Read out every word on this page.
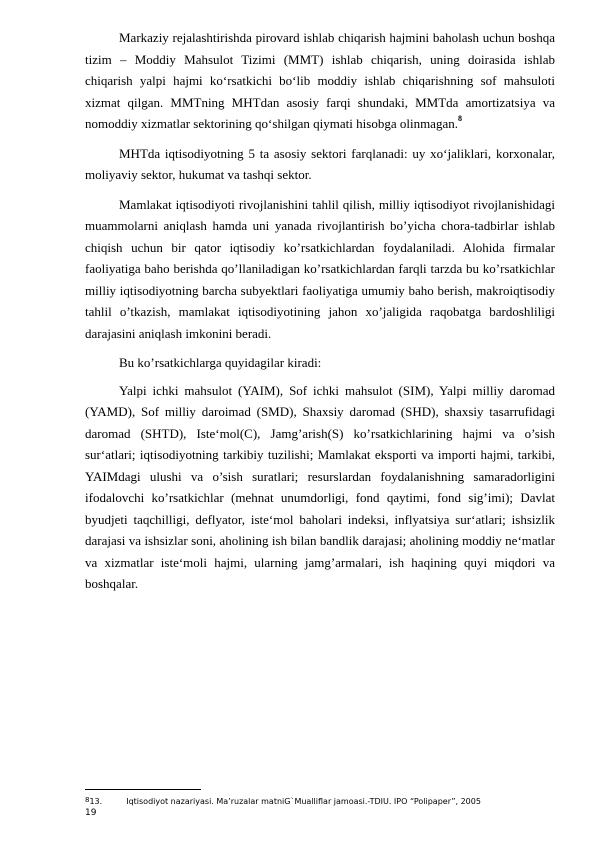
Markaziy rejalashtirishda pirovard ishlab chiqarish hajmini baholash uchun boshqa tizim – Moddiy Mahsulot Tizimi (MMT) ishlab chiqarish, uning doirasida ishlab chiqarish yalpi hajmi ko‘rsatkichi bo‘lib moddiy ishlab chiqarishning sof mahsuloti xizmat qilgan. MMTning MHTdan asosiy farqi shundaki, MMTda amortizatsiya va nomoddiy xizmatlar sektorining qo‘shilgan qiymati hisobga olinmagan.$^8$

MHTda iqtisodiyotning 5 ta asosiy sektori farqlanadi: uy xo‘jaliklari, korxonalar, moliyaviy sektor, hukumat va tashqi sektor.

Mamlakat iqtisodiyoti rivojlanishini tahlil qilish, milliy iqtisodiyot rivojlanishidagi muammolarni aniqlash hamda uni yanada rivojlantirish bo’yicha chora-tadbirlar ishlab chiqish uchun bir qator iqtisodiy ko’rsatkichlardan foydalaniladi. Alohida firmalar faoliyatiga baho berishda qo’llaniladigan ko’rsatkichlardan farqli tarzda bu ko’rsatkichlar milliy iqtisodiyotning barcha subyektlari faoliyatiga umumiy baho berish, makroiqtisodiy tahlil o’tkazish, mamlakat iqtisodiyotining jahon xo’jaligida raqobatga bardoshliligi darajasini aniqlash imkonini beradi.

Bu ko’rsatkichlarga quyidagilar kiradi:

Yalpi ichki mahsulot (YAIM), Sof ichki mahsulot (SIM), Yalpi milliy daromad (YAMD), Sof milliy daroimad (SMD), Shaxsiy daromad (SHD), shaxsiy tasarrufidagi daromad (SHTD), Iste‘mol(C), Jamg’arish(S) ko’rsatkichlarining hajmi va o’sish sur‘atlari; iqtisodiyotning tarkibiy tuzilishi; Mamlakat eksporti va importi hajmi, tarkibi, YAIMdagi ulushi va o’sish suratlari; resurslardan foydalanishning samaradorligini ifodalovchi ko’rsatkichlar (mehnat unumdorligi, fond qaytimi, fond sig’imi); Davlat byudjeti taqchilligi, deflyator, iste‘mol baholari indeksi, inflyatsiya sur‘atlari; ishsizlik darajasi va ishsizlar soni, aholining ish bilan bandlik darajasi; aholining moddiy ne‘matlar va xizmatlar iste‘moli hajmi, ularning jamg’armalari, ish haqining quyi miqdori va boshqalar.

813.	Iqtisodiyot nazariyasi. Ma’ruzalar matniG`Mualliflar jamoasi.-TDIU. IPO “Polipaper”, 2005
19
